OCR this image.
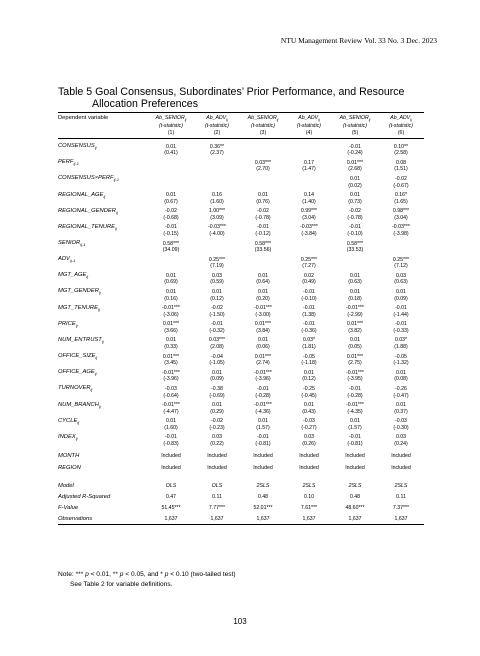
NTU Management Review Vol. 33 No. 3 Dec. 2023
Table 5 Goal Consensus, Subordinates’ Prior Performance, and Resource
Allocation Preferences
Dependent variable	$Ab\_SENIOR_{ij}$	$Ab\_ADV_{ij}$	$Ab\_SENIOR_{ij}$	$Ab\_ADV_{ij}$	$Ab\_SENIOR_{ij}$	$Ab\_ADV_{ij}$
	(t-statistic)	(t-statistic)	(t-statistic)	(t-statistic)	(t-statistic)	(t-statistic)
	(1)	(2)	(3)	(4)	(5)	(6)

$CONSENSUS_{ij}$	0.01	0.36**			-0.01	0.10**
	(0.41)	(2.37)			(-0.24)	(2.58)
$PERF_{ij-1}$			0.03***	0.17	0.01***	0.08
			(2.70)	(1.47)	(2.68)	(1.51)
$CONSENSUS\times PERF_{ij-1}$					0.01	-0.02
					(0.02)	(-0.67)
$REGIONAL\_AGE_{ij}$	0.01	0.16	0.01	0.14	0.01	0.16*
	(0.67)	(1.60)	(0.76)	(1.40)	(0.73)	(1.65)
$REGIONAL\_GENDER_{ij}$	-0.02	1.00***	-0.02	0.99***	-0.02	0.98***
	(-0.68)	(3.09)	(-0.78)	(3.04)	(-0.78)	(3.04)
$REGIONAL\_TENURE_{ij}$	-0.01	-0.03***	-0.01	-0.03***	-0.01	-0.03***
	(-0.15)	(-4.00)	(-0.12)	(-3.84)	(-0.10)	(-3.98)
$SENIOR_{ij-1}$	0.58***		0.58***		0.58***	
	(34.09)		(33.56)		(33.53)	
$ADV_{ij-1}$		0.25***		0.25***		0.25***
		(7.19)		(7.27)		(7.12)
$MGT\_AGE_{ij}$	0.01	0.03	0.01	0.02	0.01	0.03
	(0.69)	(0.59)	(0.64)	(0.49)	(0.63)	(0.63)
$MGT\_GENDER_{ij}$	0.01	0.01	0.01	-0.01	0.01	0.01
	(0.16)	(0.12)	(0.20)	(-0.10)	(0.18)	(0.09)
$MGT\_TENURE_{ij}$	-0.01***	-0.02	-0.01***	-0.01	-0.01***	-0.01
	(-3.06)	(-1.50)	(-3.00)	(1.38)	(-2.99)	(-1.44)
$PRICE_{ij}$	0.01***	-0.01	0.01***	-0.01	0.01***	-0.01
	(3.66)	(-0.32)	(3.84)	(-0.36)	(3.82)	(-0.33)
$NUM\_ENTRUST_{ij}$	0.01	0.03***	0.01	0.03*	0.01	0.03*
	(0.33)	(2.08)	(0.06)	(1.81)	(0.05)	(1.88)
$OFFICE\_SIZE_{ij}$	0.01***	-0.04	0.01***	-0.05	0.01***	-0.05
	(3.45)	(-1.05)	(2.74)	(-1.18)	(2.75)	(-1.32)
$OFFICE\_AGE_{ij}$	-0.01***	0.01	-0.01***	0.01	-0.01***	0.01
	(-3.96)	(0.09)	(-3.96)	(0.12)	(-3.95)	(0.08)
$TURNOVER_{ij}$	-0.03	-0.38	-0.01	-0.25	-0.01	-0.26
	(-0.64)	(-0.69)	(-0.28)	(-0.45)	(-0.28)	(-0.47)
$NUM\_BRANCH_{ij}$	-0.01***	0.01	-0.01***	0.01	-0.01***	0.01
	(-4.47)	(0.29)	(-4.36)	(0.43)	(-4.35)	(0.37)
$CYCLE_{ij}$	0.01	-0.02	0.01	-0.03	0.01	-0.03
	(1.60)	(-0.23)	(1.57)	(-0.27)	(1.57)	(-0.30)
$INDEX_{ij}$	-0.01	0.03	-0.01	0.03	-0.01	0.03
	(-0.83)	(0.22)	(-0.81)	(0.26)	(-0.81)	(0.24)
MONTH	Included	Included	Included	Included	Included	Included
REGION	Included	Included	Included	Included	Included	Included

Model	OLS	OLS	2SLS	2SLS	2SLS	2SLS
Adjusted R-Squared	0.47	0.11	0.48	0.10	0.48	0.11
F-Value	51.45***	7.77***	52.01***	7.61***	48.60***	7.37***
Observations	1,637	1,637	1,637	1,637	1,637	1,637
Note: *** p < 0.01, ** p < 0.05, and * p < 0.10 (two-tailed test)
See Table 2 for variable definitions.
103
